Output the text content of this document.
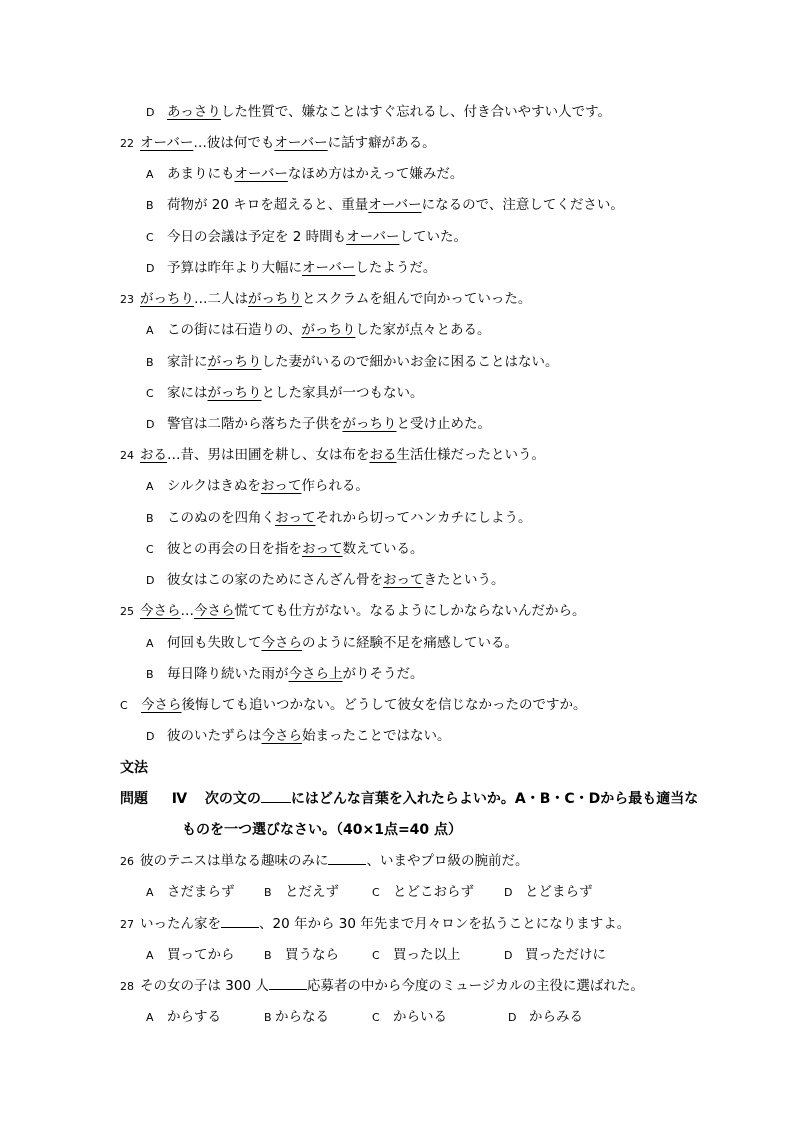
D あっさりした性質で、嫌なことはすぐ忘れるし、付き合いやすい人です。
22 オーバー…彼は何でもオーバーに話す癖がある。
A あまりにもオーバーなほめ方はかえって嫌みだ。
B 荷物が 20 キロを超えると、重量オーバーになるので、注意してください。
C 今日の会議は予定を 2 時間もオーバーしていた。
D 予算は昨年より大幅にオーバーしたようだ。
23 がっちり…二人はがっちりとスクラムを組んで向かっていった。
A この街には石造りの、がっちりした家が点々とある。
B 家計にがっちりした妻がいるので細かいお金に困ることはない。
C 家にはがっちりとした家具が一つもない。
D 警官は二階から落ちた子供をがっちりと受け止めた。
24 おる…昔、男は田圃を耕し、女は布をおる生活仕様だったという。
A シルクはきぬをおって作られる。
B このぬのを四角くおってそれから切ってハンカチにしよう。
C 彼との再会の日を指をおって数えている。
D 彼女はこの家のためにさんざん骨をおってきたという。
25 今さら…今さら慌てても仕方がない。なるようにしかならないんだから。
A 何回も失敗して今さらのように経験不足を痛感している。
B 毎日降り続いた雨が今さら上がりそうだ。
C 今さら後悔しても追いつかない。どうして彼女を信じなかったのですか。
D 彼のいたずらは今さら始まったことではない。
文法
問題 Ⅳ 次の文の にはどんな言葉を入れたらよいか。A・B・C・Dから最も適当な
ものを一つ選びなさい。（40×1点=40 点）
26 彼のテニスは単なる趣味のみに	、いまやプロ級の腕前だ。
A さだまらず	B とだえず	C とどこおらず	D とどまらず
27 いったん家を	、20 年から 30 年先まで月々ロンを払うことになりますよ。
A 買ってから	B 買うなら	C 買った以上	D 買っただけに
28 その女の子は 300 人	応募者の中から今度のミュージカルの主役に選ばれた。
A からする	B からなる	C からいる	D からみる
